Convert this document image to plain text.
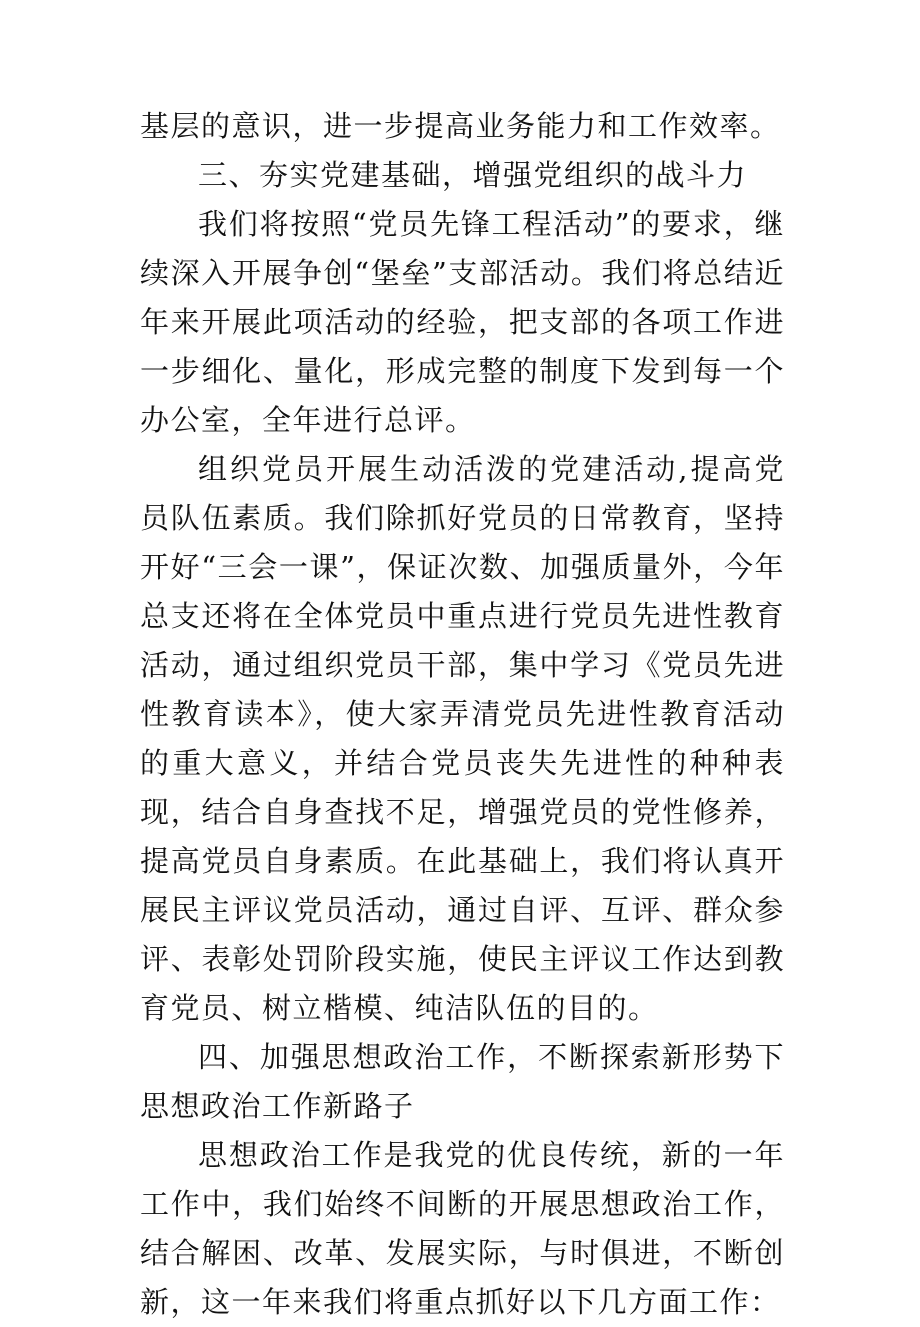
基层的意识，进一步提高业务能力和工作效率。

三、夯实党建基础，增强党组织的战斗力

我们将按照“党员先锋工程活动”的要求，继续深入开展争创“堡垒”支部活动。我们将总结近年来开展此项活动的经验，把支部的各项工作进一步细化、量化，形成完整的制度下发到每一个办公室，全年进行总评。

组织党员开展生动活泼的党建活动,提高党员队伍素质。我们除抓好党员的日常教育，坚持开好“三会一课”，保证次数、加强质量外，今年总支还将在全体党员中重点进行党员先进性教育活动，通过组织党员干部，集中学习《党员先进性教育读本》，使大家弄清党员先进性教育活动的重大意义，并结合党员丧失先进性的种种表现，结合自身查找不足，增强党员的党性修养，提高党员自身素质。在此基础上，我们将认真开展民主评议党员活动，通过自评、互评、群众参评、表彰处罚阶段实施，使民主评议工作达到教育党员、树立楷模、纯洁队伍的目的。

四、加强思想政治工作，不断探索新形势下思想政治工作新路子

思想政治工作是我党的优良传统，新的一年工作中，我们始终不间断的开展思想政治工作，结合解困、改革、发展实际，与时俱进，不断创新，这一年来我们将重点抓好以下几方面工作：
